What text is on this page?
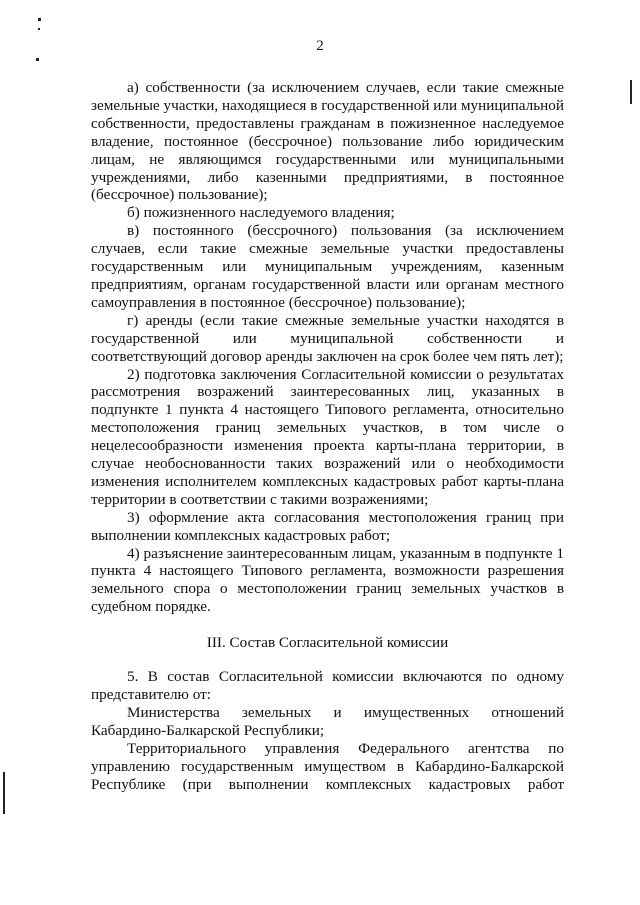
2

а) собственности (за исключением случаев, если такие смежные земельные участки, находящиеся в государственной или муниципальной собственности, предоставлены гражданам в пожизненное наследуемое владение, постоянное (бессрочное) пользование либо юридическим лицам, не являющимся государственными или муниципальными учреждениями, либо казенными предприятиями, в постоянное (бессрочное) пользование);

б) пожизненного наследуемого владения;

в) постоянного (бессрочного) пользования (за исключением случаев, если такие смежные земельные участки предоставлены государственным или муниципальным учреждениям, казенным предприятиям, органам государственной власти или органам местного самоуправления в постоянное (бессрочное) пользование);

г) аренды (если такие смежные земельные участки находятся в государственной или муниципальной собственности и соответствующий договор аренды заключен на срок более чем пять лет);

2) подготовка заключения Согласительной комиссии о результатах рассмотрения возражений заинтересованных лиц, указанных в подпункте 1 пункта 4 настоящего Типового регламента, относительно местоположения границ земельных участков, в том числе о нецелесообразности изменения проекта карты-плана территории, в случае необоснованности таких возражений или о необходимости изменения исполнителем комплексных кадастровых работ карты-плана территории в соответствии с такими возражениями;

3) оформление акта согласования местоположения границ при выполнении комплексных кадастровых работ;

4) разъяснение заинтересованным лицам, указанным в подпункте 1 пункта 4 настоящего Типового регламента, возможности разрешения земельного спора о местоположении границ земельных участков в судебном порядке.

III. Состав Согласительной комиссии

5. В состав Согласительной комиссии включаются по одному представителю от:

Министерства земельных и имущественных отношений Кабардино-Балкарской Республики;

Территориального управления Федерального агентства по управлению государственным имуществом в Кабардино-Балкарской Республике (при выполнении комплексных кадастровых работ
